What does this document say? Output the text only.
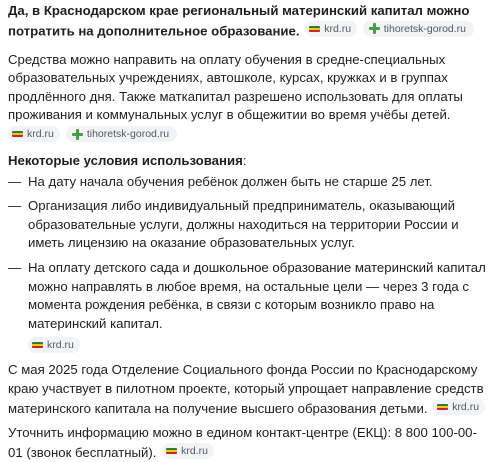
Да, в Краснодарском крае региональный материнский капитал можно потратить на дополнительное образование. krd.ru
	tihoretsk-gorod.ru
Средства можно направить на оплату обучения в средне-специальных образовательных учреждениях, автошколе, курсах, кружках и в группах продлённого дня. Также маткапитал разрешено использовать для оплаты проживания и коммунальных услуг в общежитии во время учёбы детей.
krd.ru	tihoretsk-gorod.ru
Некоторые условия использования:
— На дату начала обучения ребёнок должен быть не старше 25 лет.
— Организация либо индивидуальный предприниматель, оказывающий образовательные услуги, должны находиться на территории России и иметь лицензию на оказание образовательных услуг.
— На оплату детского сада и дошкольное образование материнский капитал можно направлять в любое время, на остальные цели — через 3 года с момента рождения ребёнка, в связи с которым возникло право на материнский капитал.
krd.ru
С мая 2025 года Отделение Социального фонда России по Краснодарскому краю участвует в пилотном проекте, который упрощает направление средств материнского капитала на получение высшего образования детьми. krd.ru
Уточнить информацию можно в едином контакт-центре (ЕКЦ): 8 800 100-00-01 (звонок бесплатный). krd.ru
